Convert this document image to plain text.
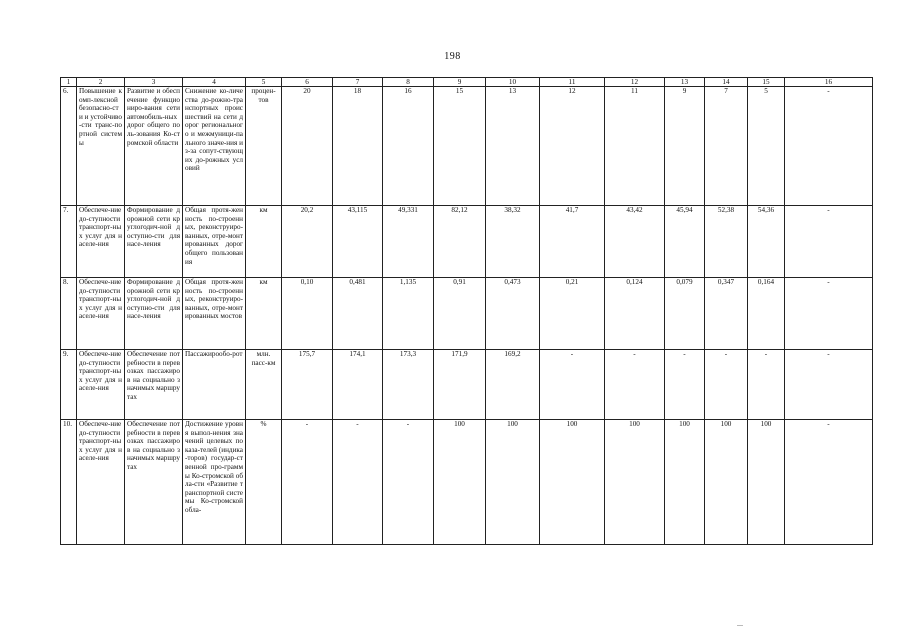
198
1	2	3	4	5	6	7	8	9	10	11	12	13	14	15	16
6.	Повышение комп-лексной безопасно-сти и устойчиво-сти транс-портной системы	Развитие и обеспечение функциониро-вания сети автомобиль-ных дорог общего поль-зования Ко-стромской области	Снижение ко-личества до-рожно-транспортных происшествий на сети дорог регионального и межмуници-пального значе-ния из-за сопут-ствующих до-рожных условий	процен-тов	20	18	16	15	13	12	11	9	7	5	-
7.	Обеспече-ние до-ступности транспорт-ных услуг для населе-ния	Формирование дорожной сети круглогодич-ной доступно-сти для насе-ления	Общая протя-женность по-строенных, реконструиро-ванных, отре-монтированных дорог общего пользования	км	20,2	43,115	49,331	82,12	38,32	41,7	43,42	45,94	52,38	54,36	-
8.	Обеспече-ние до-ступности транспорт-ных услуг для населе-ния	Формирование дорожной сети круглогодич-ной доступно-сти для насе-ления	Общая протя-женность по-строенных, реконструиро-ванных, отре-монтированных мостов	км	0,10	0,481	1,135	0,91	0,473	0,21	0,124	0,079	0,347	0,164	-
9.	Обеспече-ние до-ступности транспорт-ных услуг для населе-ния	Обеспечение потребности в перевозках пассажиров на социально значимых маршрутах	Пассажирообо-рот	млн. пасс-км	175,7	174,1	173,3	171,9	169,2	-	-	-	-	-	-
10.	Обеспече-ние до-ступности транспорт-ных услуг для населе-ния	Обеспечение потребности в перевозках пассажиров на социально значимых маршрутах	Достижение уровня выпол-нения значений целевых показа-телей (индика-торов) государ-ственной про-граммы Ко-стромской обла-сти «Развитие транспортной системы Ко-стромской обла-	%	-	-	-	100	100	100	100	100	100	100	-
